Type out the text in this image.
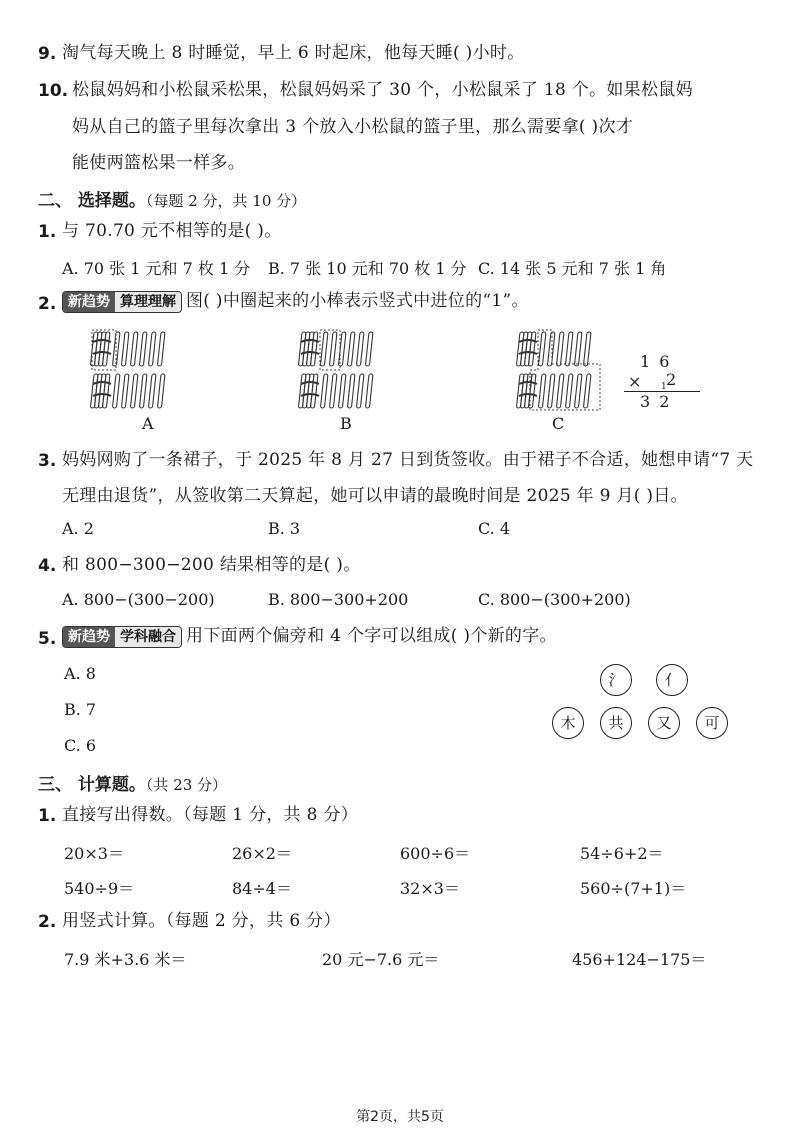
9. 淘气每天晚上 8 时睡觉，早上 6 时起床，他每天睡( )小时。
10. 松鼠妈妈和小松鼠采松果，松鼠妈妈采了 30 个，小松鼠采了 18 个。如果松鼠妈
妈从自己的篮子里每次拿出 3 个放入小松鼠的篮子里，那么需要拿( )次才
能使两篮松果一样多。
二、 选择题。（每题 2 分，共 10 分）
1. 与 70.70 元不相等的是( )。
A. 70 张 1 元和 7 枚 1 分 B. 7 张 10 元和 70 枚 1 分 C. 14 张 5 元和 7 张 1 角
2. 新趋势 算理理解 图( )中圈起来的小棒表示竖式中进位的“1”。
A	B	C
1 6
× 1 2
3 2
3. 妈妈网购了一条裙子，于 2025 年 8 月 27 日到货签收。由于裙子不合适，她想申请“7 天
无理由退货”，从签收第二天算起，她可以申请的最晚时间是 2025 年 9 月( )日。
A. 2	B. 3	C. 4
4. 和 800−300−200 结果相等的是( )。
A. 800−(300−200)	B. 800−300+200	C. 800−(300+200)
5. 新趋势 学科融合 用下面两个偏旁和 4 个字可以组成( )个新的字。
A. 8
B. 7
C. 6
氵	亻
木	共	又	可
三、 计算题。（共 23 分）
1. 直接写出得数。（每题 1 分，共 8 分）
20×3＝	26×2＝	600÷6＝	54÷6+2＝
540÷9＝	84÷4＝	32×3＝	560÷(7+1)＝
2. 用竖式计算。（每题 2 分，共 6 分）
7.9 米+3.6 米＝	20 元−7.6 元＝	456+124−175＝
第2页，共5页
